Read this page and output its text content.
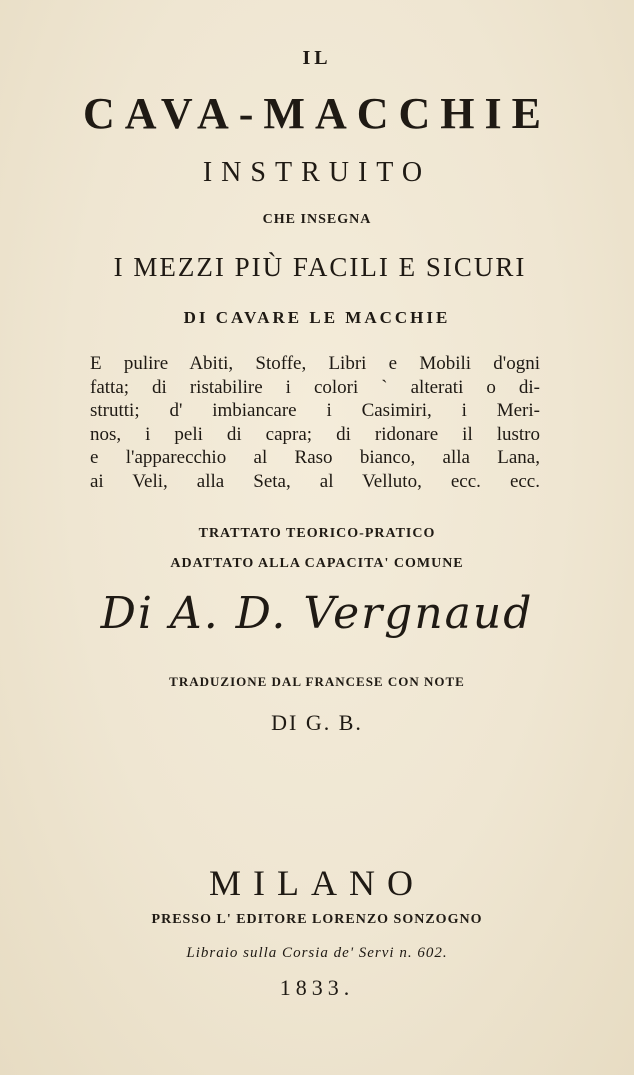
IL
CAVA-MACCHIE
INSTRUITO
CHE INSEGNA
I MEZZI PIÙ FACILI E SICURI
DI CAVARE LE MACCHIE
E pulire Abiti, Stoffe, Libri e Mobili d'ogni
fatta; di ristabilire i colori ` alterati o di-
strutti; d' imbiancare i Casimiri, i Meri-
nos, i peli di capra; di ridonare il lustro
e l'apparecchio al Raso bianco, alla Lana,
ai Veli, alla Seta, al Velluto, ecc. ecc.
TRATTATO TEORICO-PRATICO
ADATTATO ALLA CAPACITA' COMUNE
Di A. D. Vergnaud
TRADUZIONE DAL FRANCESE CON NOTE
DI G. B.
MILANO
PRESSO L' EDITORE LORENZO SONZOGNO
Libraio sulla Corsia de' Servi n. 602.
1833.
